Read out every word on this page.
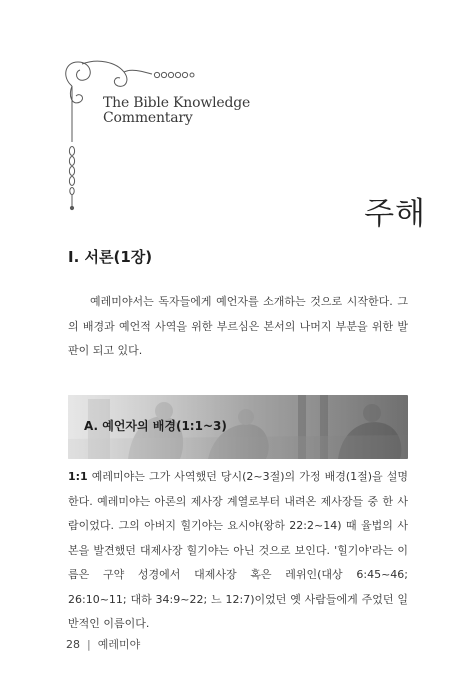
The Bible Knowledge
Commentary
주해
Ⅰ. 서론(1장)

예레미야서는 독자들에게 예언자를 소개하는 것으로 시작한다. 그의 배경과 예언적 사역을 위한 부르심은 본서의 나머지 부분을 위한 발판이 되고 있다.

A. 예언자의 배경(1:1~3)

1:1 예레미야는 그가 사역했던 당시(2~3절)의 가정 배경(1절)을 설명한다. 예레미야는 아론의 제사장 계열로부터 내려온 제사장들 중 한 사람이었다. 그의 아버지 힐기야는 요시야(왕하 22:2~14) 때 율법의 사본을 발견했던 대제사장 힐기야는 아닌 것으로 보인다. '힐기야'라는 이름은 구약 성경에서 대제사장 혹은 레위인(대상 6:45~46; 26:10~11; 대하 34:9~22; 느 12:7)이었던 옛 사람들에게 주었던 일반적인 이름이다.

28 | 예레미야
